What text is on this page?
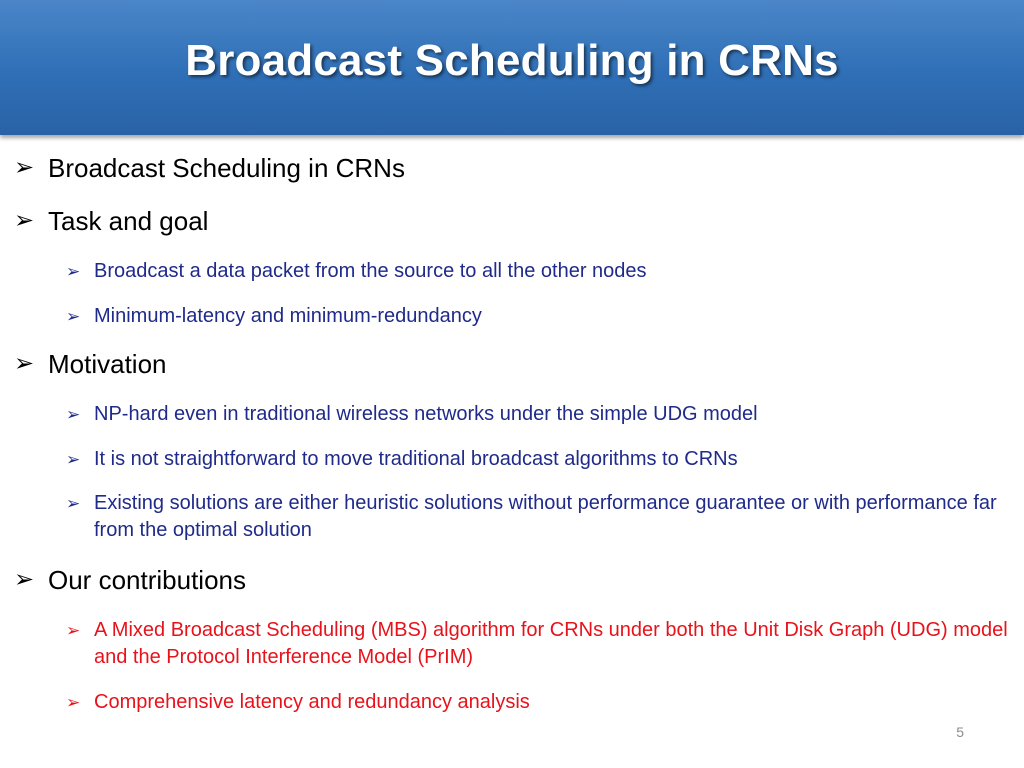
Broadcast Scheduling in CRNs
➢ Broadcast Scheduling in CRNs
➢ Task and goal
➢ Broadcast a data packet from the source to all the other nodes
➢ Minimum-latency and minimum-redundancy
➢ Motivation
➢ NP-hard even in traditional wireless networks under the simple UDG model
➢ It is not straightforward to move traditional broadcast algorithms to CRNs
➢ Existing solutions are either heuristic solutions without performance guarantee or with performance far from the optimal solution
➢ Our contributions
➢ A Mixed Broadcast Scheduling (MBS) algorithm for CRNs under both the Unit Disk Graph (UDG) model and the Protocol Interference Model (PrIM)
➢ Comprehensive latency and redundancy analysis
5
